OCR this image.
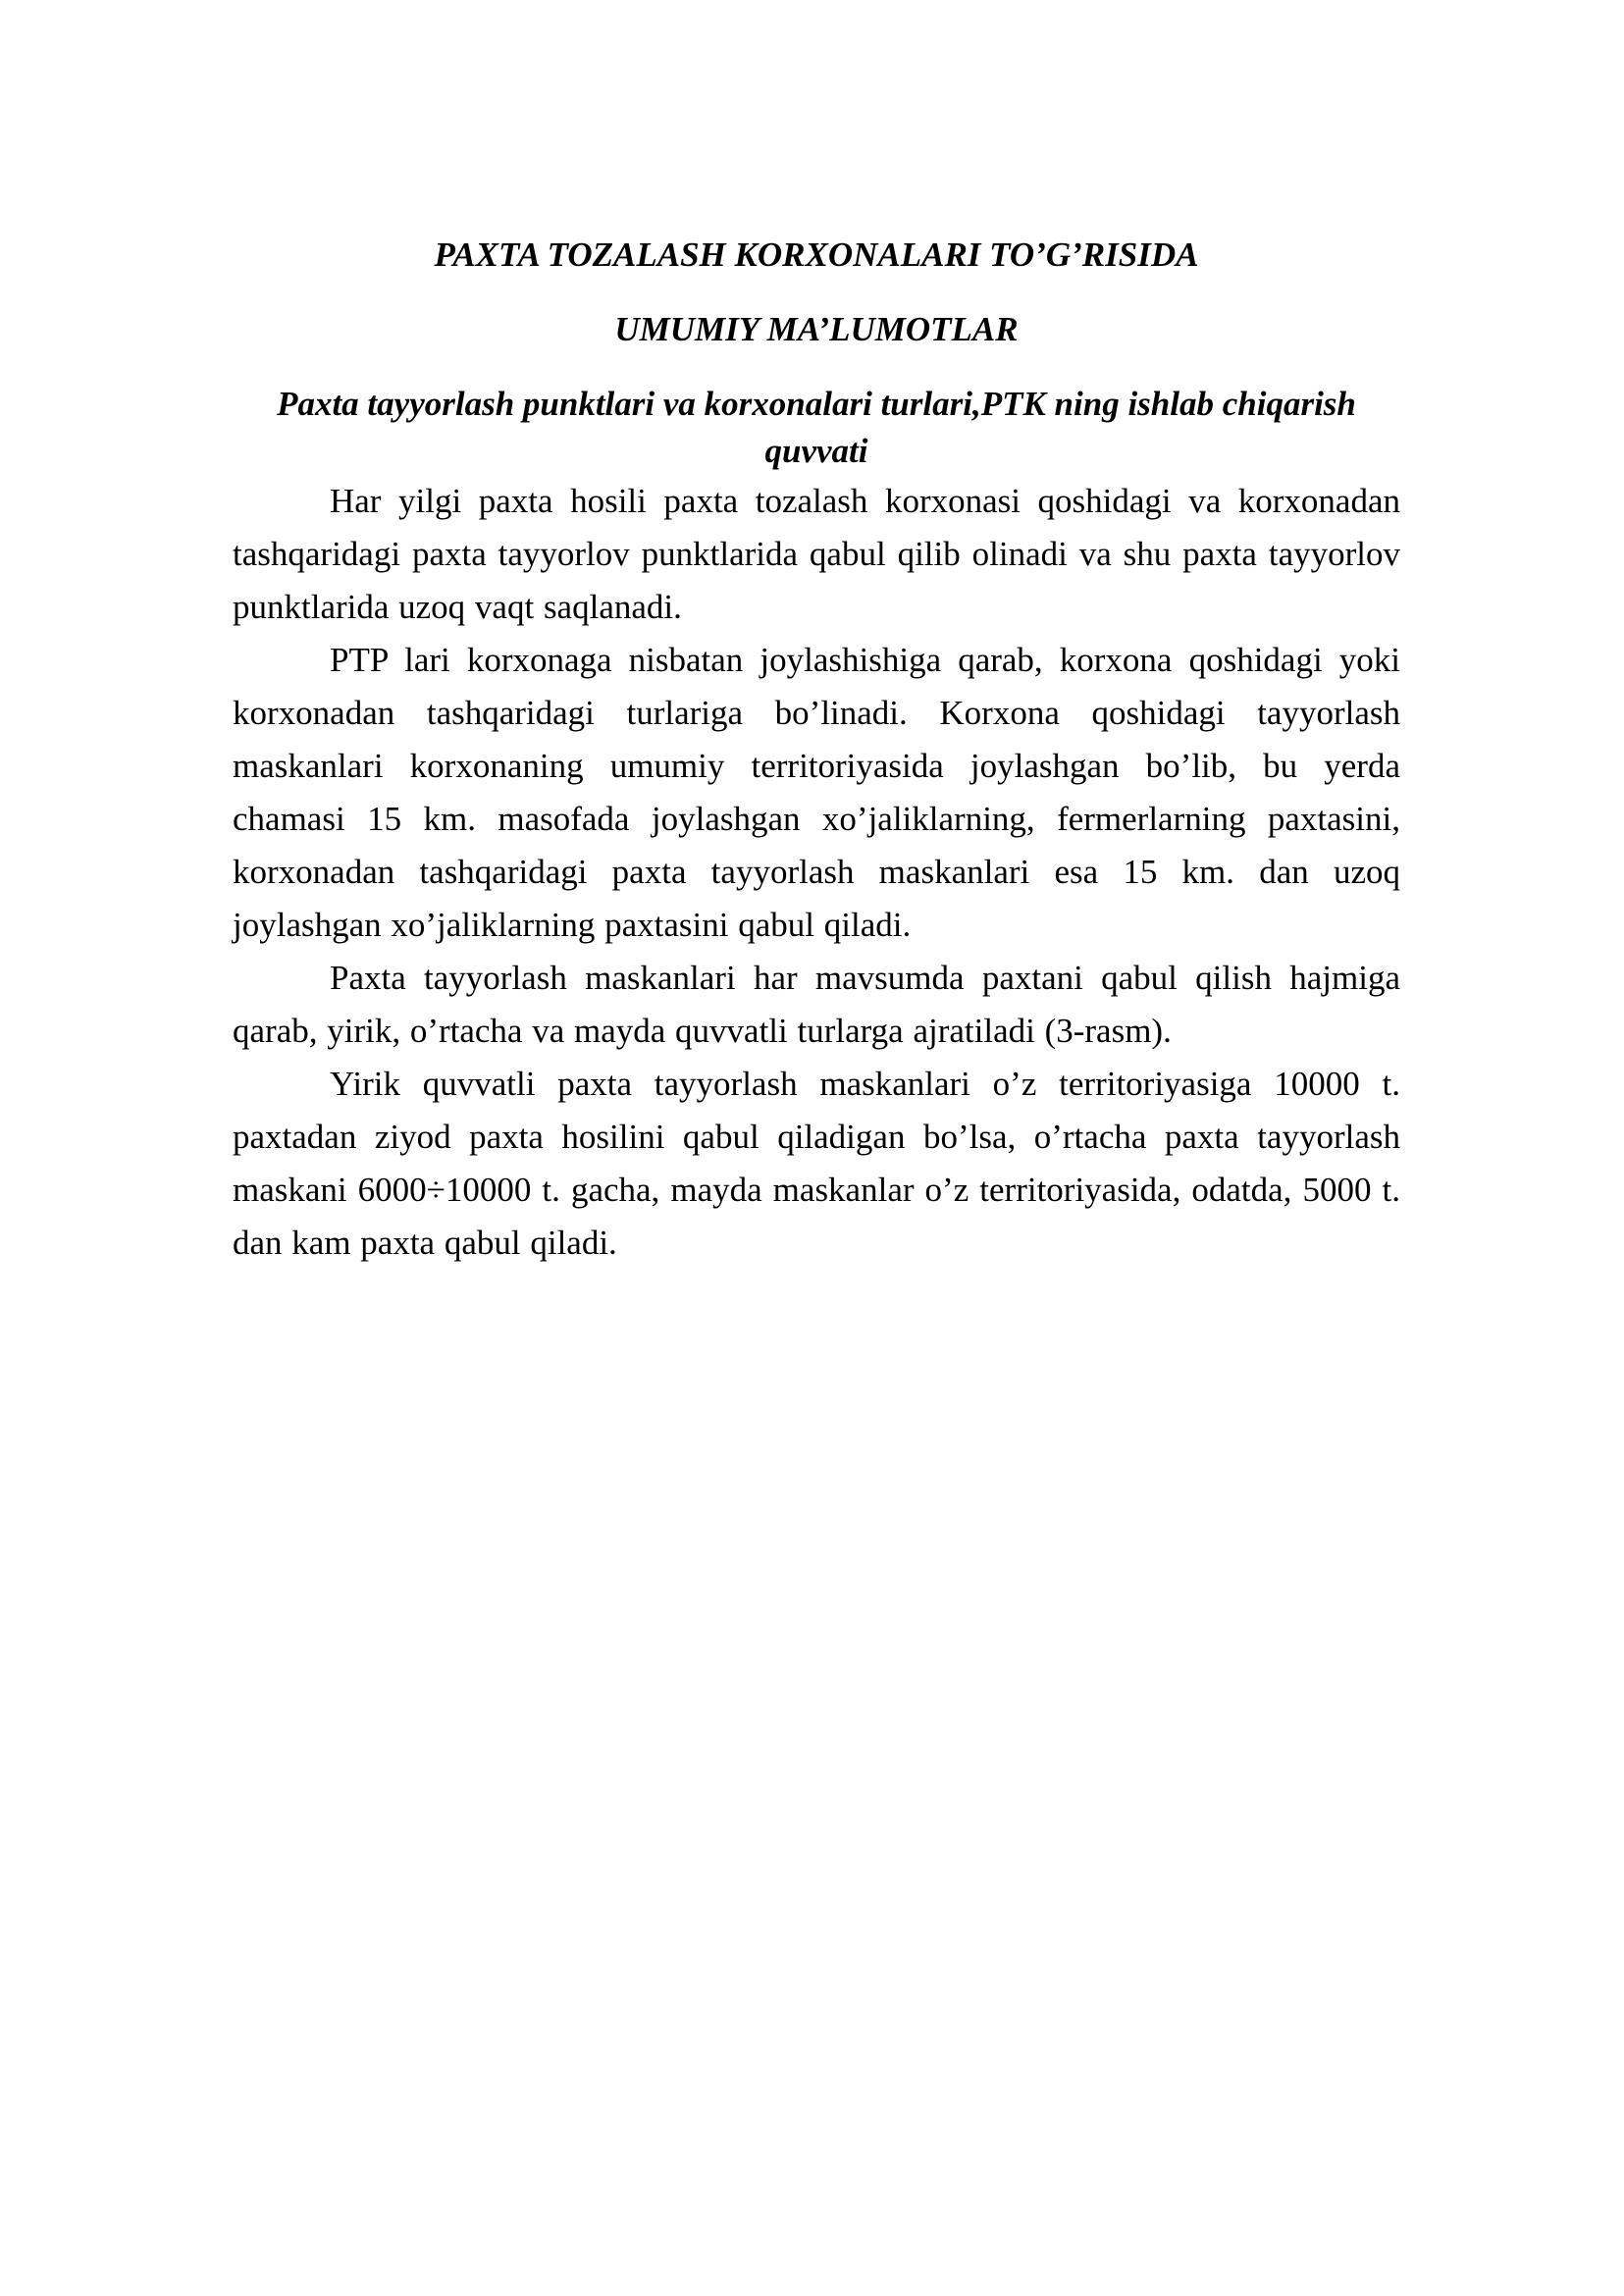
PAXTA TOZALASH KORXONALARI TO’G’RISIDA
UMUMIY MA’LUMOTLAR
Paxta tayyorlash punktlari va korxonalari turlari,PTK ning ishlab chiqarish quvvati

Har yilgi paxta hosili paxta tozalash korxonasi qoshidagi va korxonadan tashqaridagi paxta tayyorlov punktlarida qabul qilib olinadi va shu paxta tayyorlov punktlarida uzoq vaqt saqlanadi.

PTP lari korxonaga nisbatan joylashishiga qarab, korxona qoshidagi yoki korxonadan tashqaridagi turlariga bo’linadi. Korxona qoshidagi tayyorlash maskanlari korxonaning umumiy territoriyasida joylashgan bo’lib, bu yerda chamasi 15 km. masofada joylashgan xo’jaliklarning, fermerlarning paxtasini, korxonadan tashqaridagi paxta tayyorlash maskanlari esa 15 km. dan uzoq joylashgan xo’jaliklarning paxtasini qabul qiladi.

Paxta tayyorlash maskanlari har mavsumda paxtani qabul qilish hajmiga qarab, yirik, o’rtacha va mayda quvvatli turlarga ajratiladi (3-rasm).

Yirik quvvatli paxta tayyorlash maskanlari o’z territoriyasiga 10000 t. paxtadan ziyod paxta hosilini qabul qiladigan bo’lsa, o’rtacha paxta tayyorlash maskani 6000÷10000 t. gacha, mayda maskanlar o’z territoriyasida, odatda, 5000 t. dan kam paxta qabul qiladi.
